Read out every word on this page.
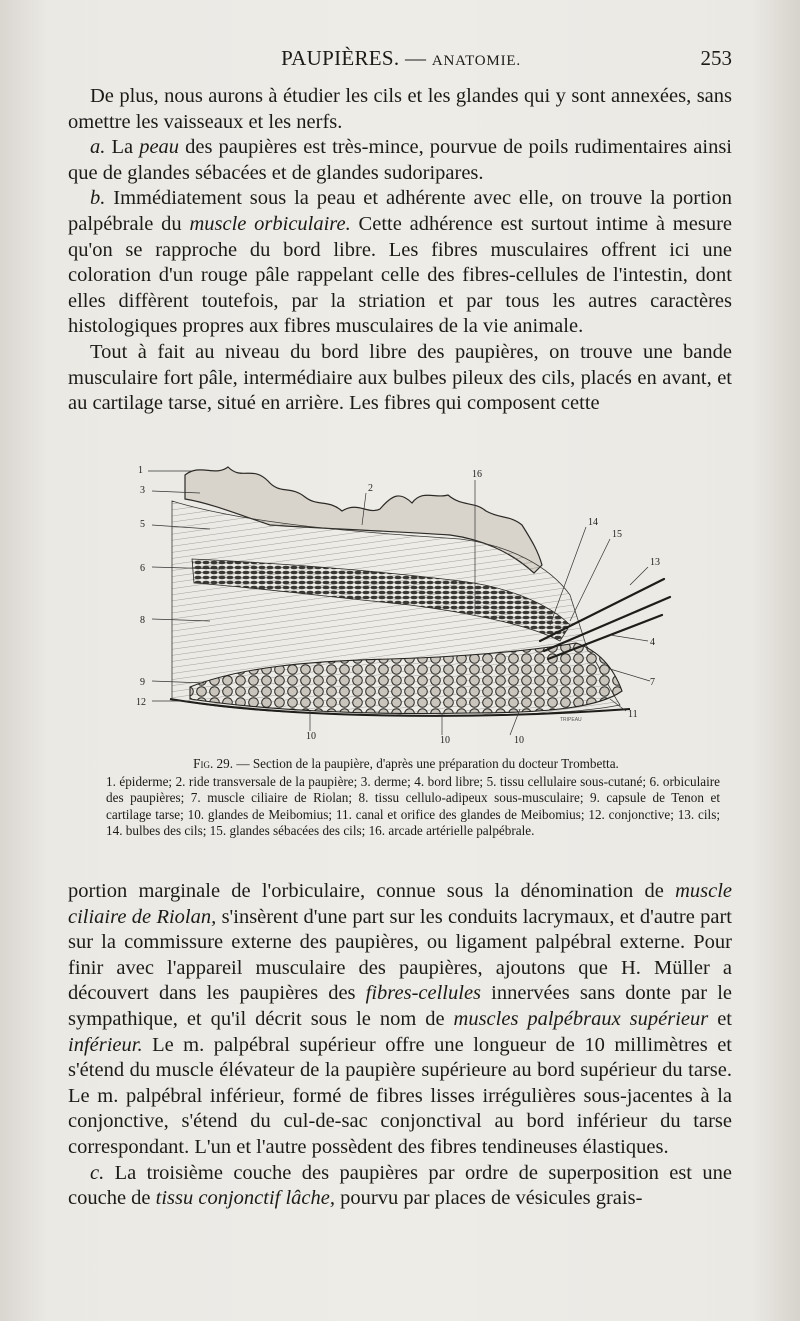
PAUPIÈRES. — ANATOMIE.	253

De plus, nous aurons à étudier les cils et les glandes qui y sont annexées, sans omettre les vaisseaux et les nerfs.

a. La peau des paupières est très-mince, pourvue de poils rudimentaires ainsi que de glandes sébacées et de glandes sudoripares.

b. Immédiatement sous la peau et adhérente avec elle, on trouve la portion palpébrale du muscle orbiculaire. Cette adhérence est surtout intime à mesure qu'on se rapproche du bord libre. Les fibres musculaires offrent ici une coloration d'un rouge pâle rappelant celle des fibres-cellules de l'intestin, dont elles diffèrent toutefois, par la striation et par tous les autres caractères histologiques propres aux fibres musculaires de la vie animale.

Tout à fait au niveau du bord libre des paupières, on trouve une bande musculaire fort pâle, intermédiaire aux bulbes pileux des cils, placés en avant, et au cartilage tarse, situé en arrière. Les fibres qui composent cette

1
3
5
6
8
9
12
2
16
14
15
13
4
7
11
10	10	10
TRIPEAU

Fig. 29. — Section de la paupière, d'après une préparation du docteur Trombetta.

1. épiderme; 2. ride transversale de la paupière; 3. derme; 4. bord libre; 5. tissu cellulaire sous-cutané; 6. orbiculaire des paupières; 7. muscle ciliaire de Riolan; 8. tissu cellulo-adipeux sous-musculaire; 9. capsule de Tenon et cartilage tarse; 10. glandes de Meibomius; 11. canal et orifice des glandes de Meibomius; 12. conjonctive; 13. cils; 14. bulbes des cils; 15. glandes sébacées des cils; 16. arcade artérielle palpébrale.

portion marginale de l'orbiculaire, connue sous la dénomination de muscle ciliaire de Riolan, s'insèrent d'une part sur les conduits lacrymaux, et d'autre part sur la commissure externe des paupières, ou ligament palpébral externe. Pour finir avec l'appareil musculaire des paupières, ajoutons que H. Müller a découvert dans les paupières des fibres-cellules innervées sans donte par le sympathique, et qu'il décrit sous le nom de muscles palpébraux supérieur et inférieur. Le m. palpébral supérieur offre une longueur de 10 millimètres et s'étend du muscle élévateur de la paupière supérieure au bord supérieur du tarse. Le m. palpébral inférieur, formé de fibres lisses irrégulières sous-jacentes à la conjonctive, s'étend du cul-de-sac conjonctival au bord inférieur du tarse correspondant. L'un et l'autre possèdent des fibres tendineuses élastiques.

c. La troisième couche des paupières par ordre de superposition est une couche de tissu conjonctif lâche, pourvu par places de vésicules grais-
